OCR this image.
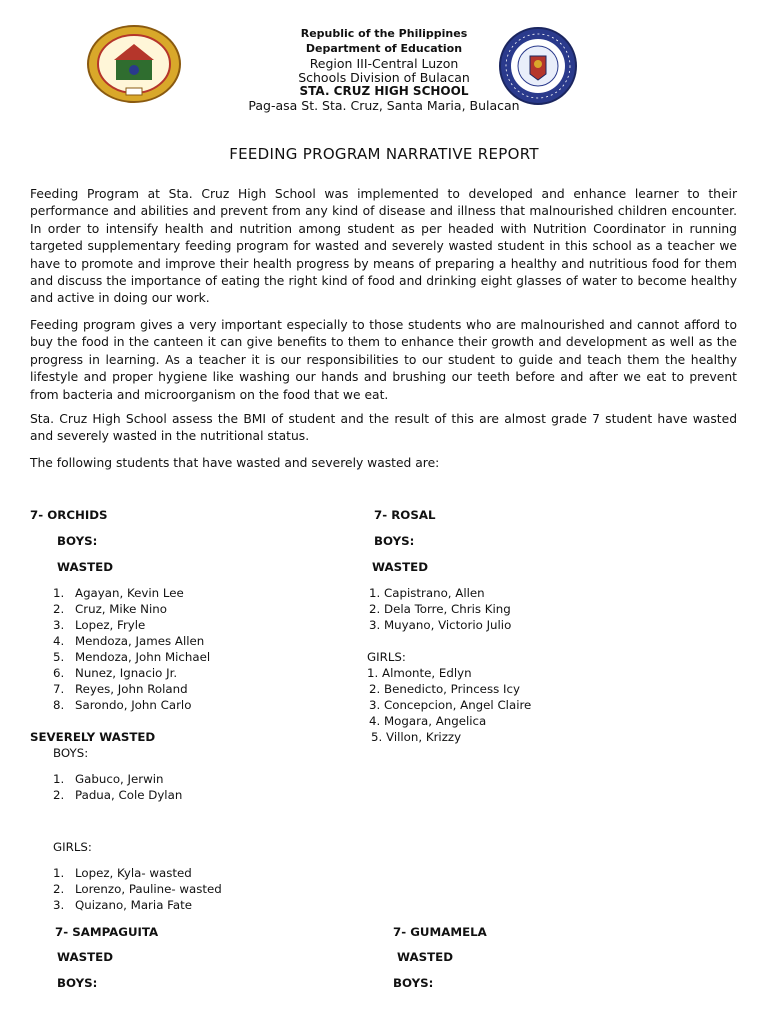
Republic of the Philippines
Department of Education
Region III-Central Luzon
Schools Division of Bulacan
STA. CRUZ HIGH SCHOOL
Pag-asa St. Sta. Cruz, Santa Maria, Bulacan
FEEDING PROGRAM NARRATIVE REPORT
Feeding Program at Sta. Cruz High School was implemented to developed and enhance learner to their performance and abilities and prevent from any kind of disease and illness that malnourished children encounter. In order to intensify health and nutrition among student as per headed with Nutrition Coordinator in running targeted supplementary feeding program for wasted and severely wasted student in this school as a teacher we have to promote and improve their health progress by means of preparing a healthy and nutritious food for them and discuss the importance of eating the right kind of food and drinking eight glasses of water to become healthy and active in doing our work.
Feeding program gives a very important especially to those students who are malnourished and cannot afford to buy the food in the canteen it can give benefits to them to enhance their growth and development as well as the progress in learning. As a teacher it is our responsibilities to our student to guide and teach them the healthy lifestyle and proper hygiene like washing our hands and brushing our teeth before and after we eat to prevent from bacteria and microorganism on the food that we eat.
Sta. Cruz High School assess the BMI of student and the result of this are almost grade 7 student have wasted and severely wasted in the nutritional status.
The following students that have wasted and severely wasted are:
7- ORCHIDS
BOYS:
WASTED
1. Agayan, Kevin Lee
2. Cruz, Mike Nino
3. Lopez, Fryle
4. Mendoza, James Allen
5. Mendoza, John Michael
6. Nunez, Ignacio Jr.
7. Reyes, John Roland
8. Sarondo, John Carlo
SEVERELY WASTED
BOYS:
1. Gabuco, Jerwin
2. Padua, Cole Dylan
GIRLS:
1. Lopez, Kyla- wasted
2. Lorenzo, Pauline- wasted
3. Quizano, Maria Fate
7- ROSAL
BOYS:
WASTED
1. Capistrano, Allen
2. Dela Torre, Chris King
3. Muyano, Victorio Julio
GIRLS:
1. Almonte, Edlyn
2. Benedicto, Princess Icy
3. Concepcion, Angel Claire
4. Mogara, Angelica
5. Villon, Krizzy
7- SAMPAGUITA
WASTED
BOYS:
7- GUMAMELA
WASTED
BOYS:
